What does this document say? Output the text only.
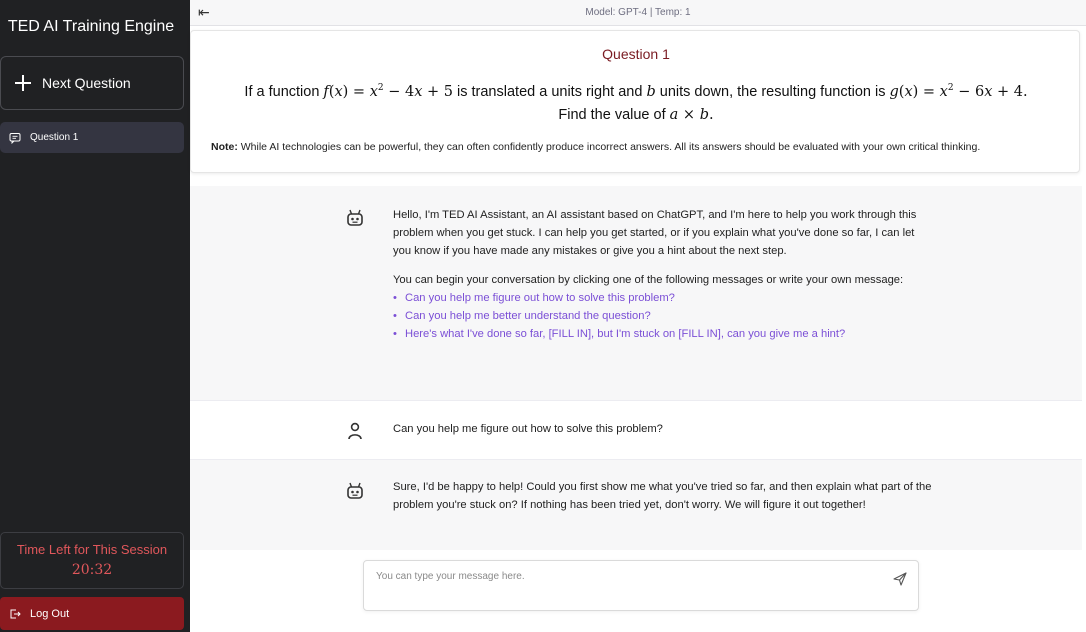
TED AI Training Engine
Next Question
Question 1
Time Left for This Session
20:32
Log Out
⇤	Model: GPT-4 | Temp: 1
Question 1
If a function $f(x) = x^2 - 4x + 5$ is translated a units right and b units down, the resulting function is $g(x) = x^2 - 6x + 4$.
Find the value of a × b.
Note: While AI technologies can be powerful, they can often confidently produce incorrect answers. All its answers should be evaluated with your own critical thinking.

Hello, I'm TED AI Assistant, an AI assistant based on ChatGPT, and I'm here to help you work through this problem when you get stuck. I can help you get started, or if you explain what you've done so far, I can let you know if you have made any mistakes or give you a hint about the next step.

You can begin your conversation by clicking one of the following messages or write your own message:

• Can you help me figure out how to solve this problem?
• Can you help me better understand the question?
• Here's what I've done so far, [FILL IN], but I'm stuck on [FILL IN], can you give me a hint?
Can you help me figure out how to solve this problem?
Sure, I'd be happy to help! Could you first show me what you've tried so far, and then explain what part of the problem you're stuck on? If nothing has been tried yet, don't worry. We will figure it out together!
You can type your message here.
